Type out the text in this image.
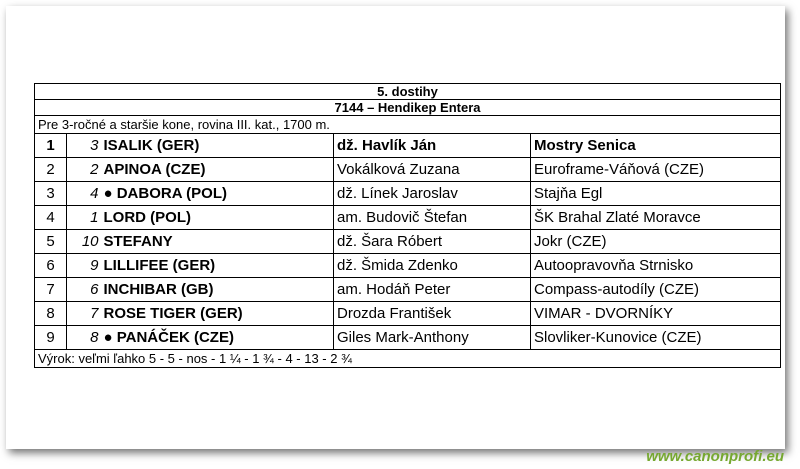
5. dostihy				
7144 – Hendikep Entera				
Pre 3-ročné a staršie kone, rovina III. kat., 1700 m.				
1	3	ISALIK (GER)	dž. Havlík Ján	Mostry Senica
2	2	APINOA (CZE)	Vokálková Zuzana	Euroframe-Váňová (CZE)
3	4	● DABORA (POL)	dž. Línek Jaroslav	Stajňa Egl
4	1	LORD (POL)	am. Budovič Štefan	ŠK Brahal Zlaté Moravce
5	10	STEFANY	dž. Šara Róbert	Jokr (CZE)
6	9	LILLIFEE (GER)	dž. Šmida Zdenko	Autoopravovňa Strnisko
7	6	INCHIBAR (GB)	am. Hodáň Peter	Compass-autodíly (CZE)
8	7	ROSE TIGER (GER)	Drozda František	VIMAR - DVORNÍKY
9	8	● PANÁČEK (CZE)	Giles Mark-Anthony	Slovliker-Kunovice (CZE)
Výrok: veľmi ľahko 5 - 5 - nos - 1 ¼ - 1 ¾ - 4 - 13 - 2 ¾				
www.canonprofi.eu
